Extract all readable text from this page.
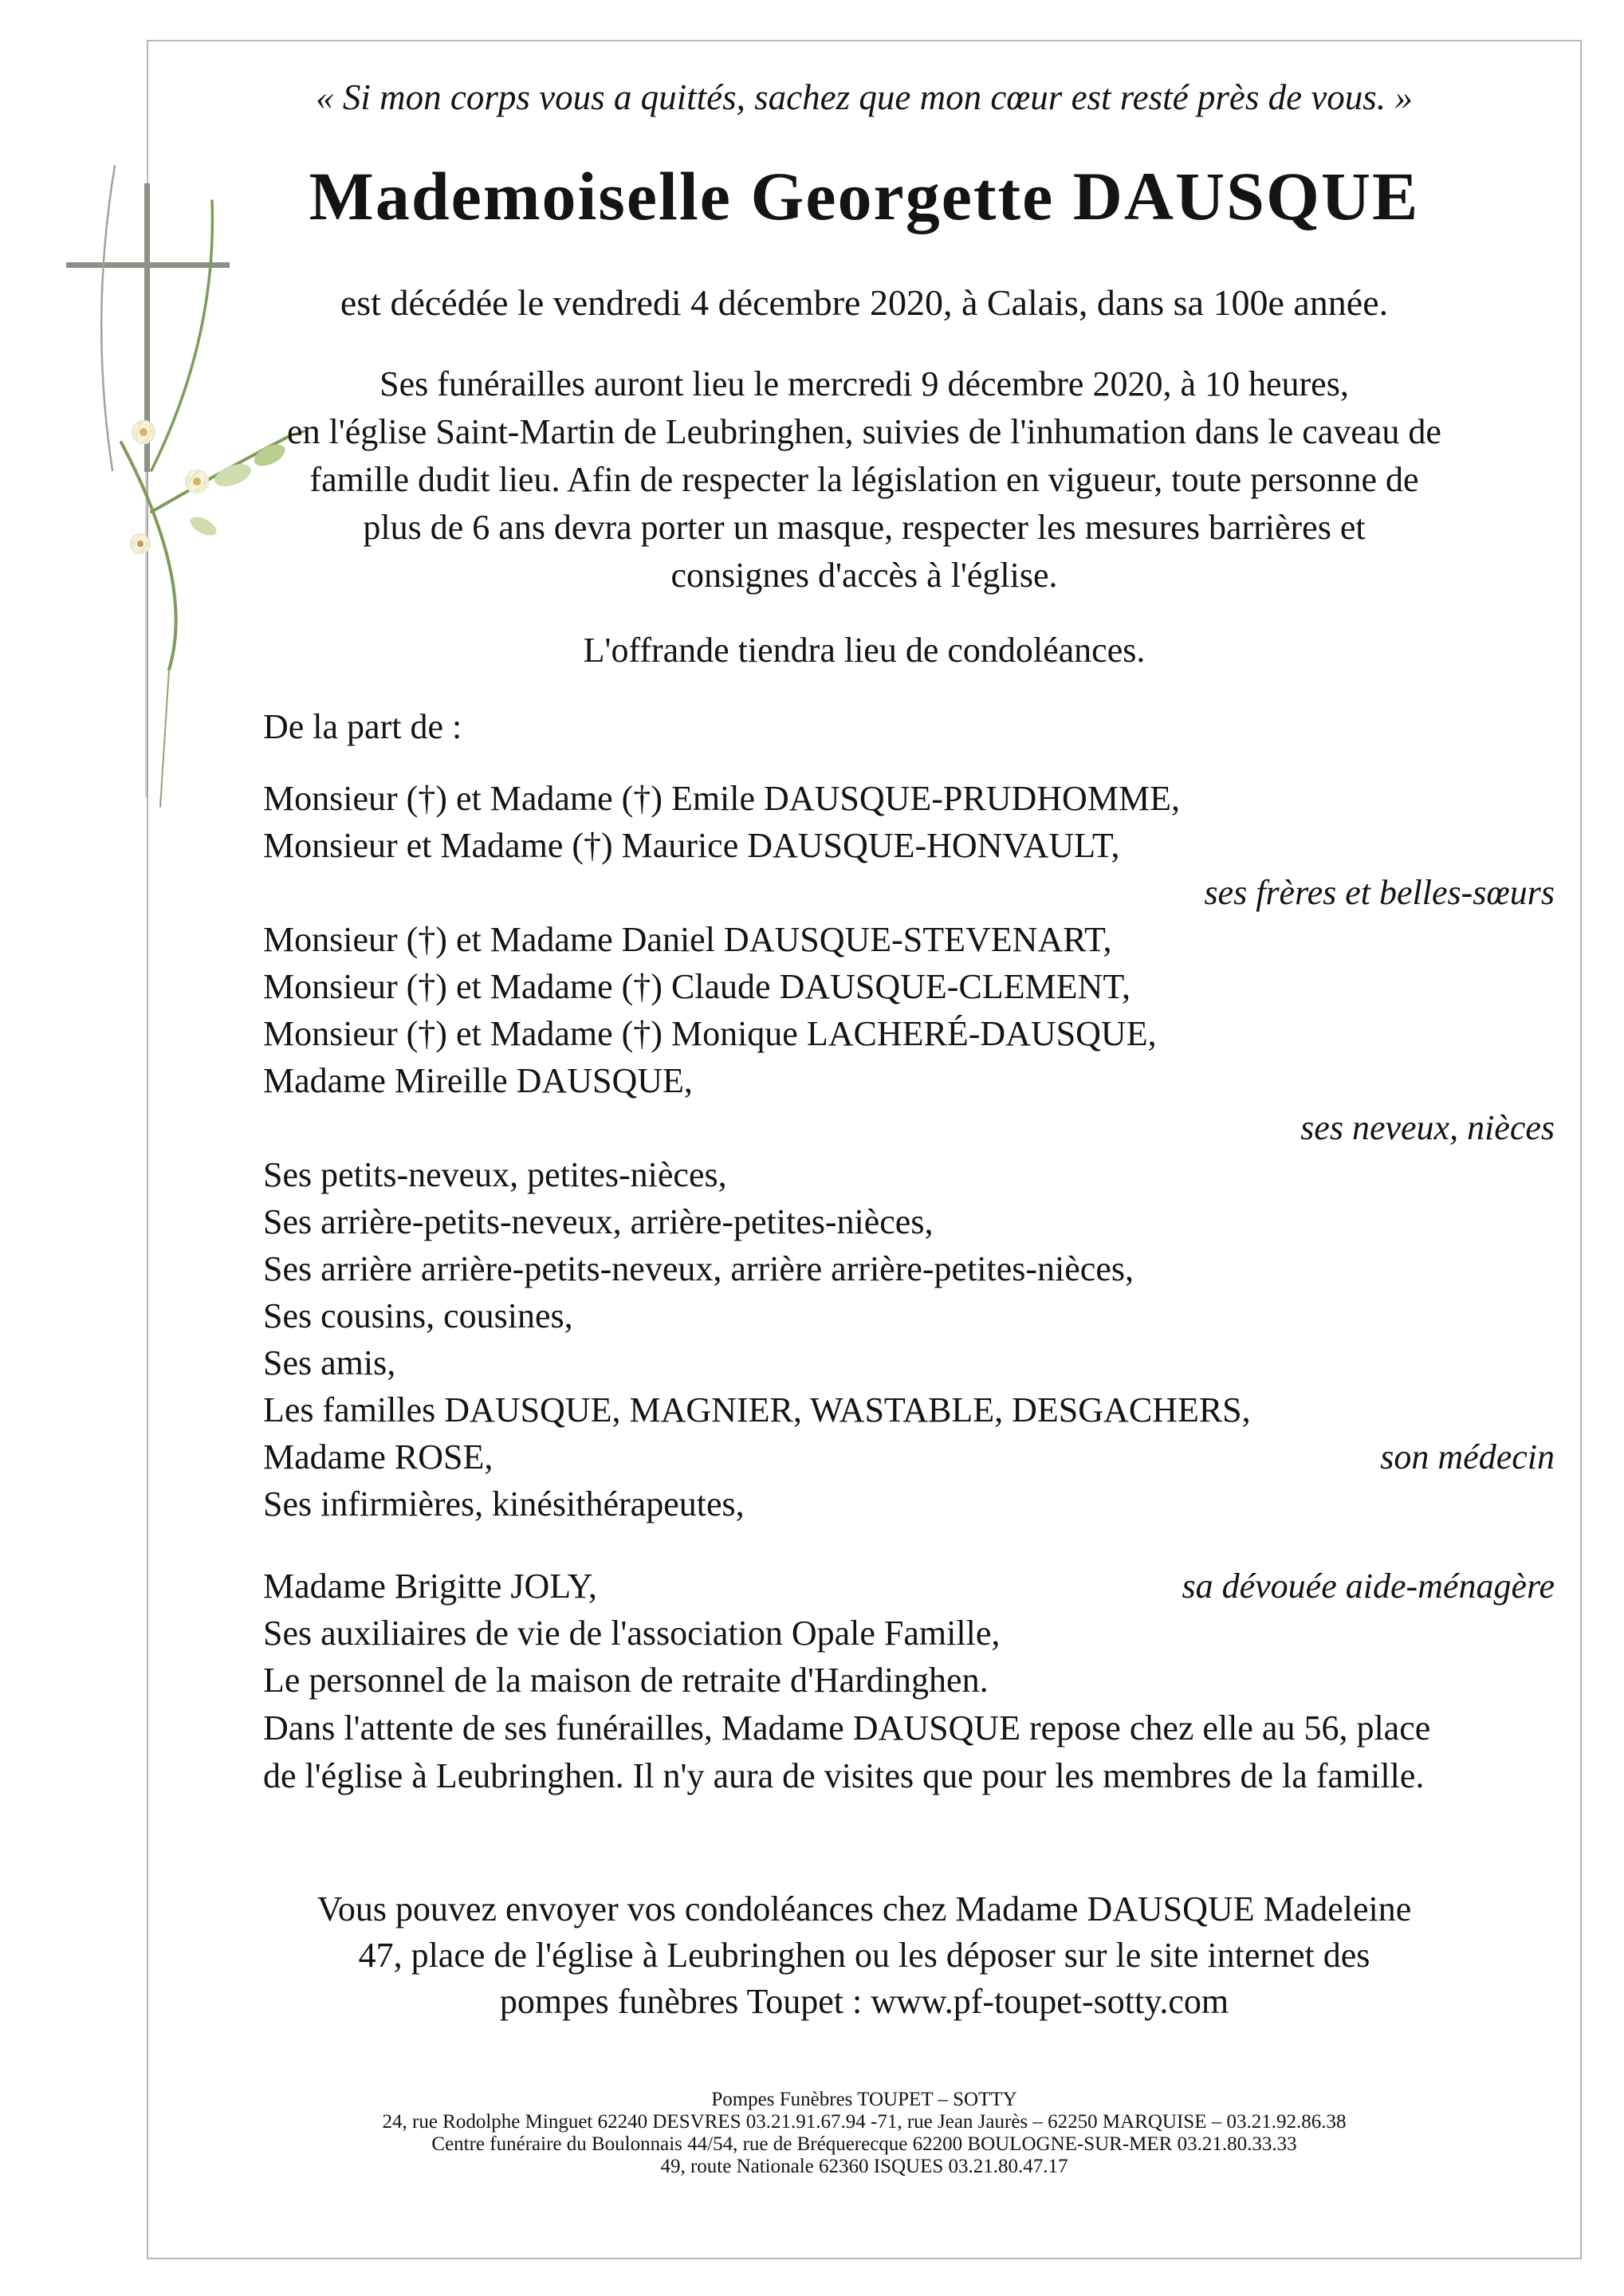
« Si mon corps vous a quittés, sachez que mon cœur est resté près de vous. »
Mademoiselle Georgette DAUSQUE
est décédée le vendredi 4 décembre 2020, à Calais, dans sa 100e année.
Ses funérailles auront lieu le mercredi 9 décembre 2020, à 10 heures,
en l'église Saint-Martin de Leubringhen, suivies de l'inhumation dans le caveau de
famille dudit lieu. Afin de respecter la législation en vigueur, toute personne de
plus de 6 ans devra porter un masque, respecter les mesures barrières et
consignes d'accès à l'église.
L'offrande tiendra lieu de condoléances.
De la part de :
Monsieur (†) et Madame (†) Emile DAUSQUE-PRUDHOMME,
Monsieur et Madame (†) Maurice DAUSQUE-HONVAULT,
ses frères et belles-sœurs
Monsieur (†) et Madame Daniel DAUSQUE-STEVENART,
Monsieur (†) et Madame (†) Claude DAUSQUE-CLEMENT,
Monsieur (†) et Madame (†) Monique LACHERÉ-DAUSQUE,
Madame Mireille DAUSQUE,
ses neveux, nièces
Ses petits-neveux, petites-nièces,
Ses arrière-petits-neveux, arrière-petites-nièces,
Ses arrière arrière-petits-neveux, arrière arrière-petites-nièces,
Ses cousins, cousines,
Ses amis,
Les familles DAUSQUE, MAGNIER, WASTABLE, DESGACHERS,
Madame ROSE,	son médecin
Ses infirmières, kinésithérapeutes,
Madame Brigitte JOLY,	sa dévouée aide-ménagère
Ses auxiliaires de vie de l'association Opale Famille,
Le personnel de la maison de retraite d'Hardinghen.
Dans l'attente de ses funérailles, Madame DAUSQUE repose chez elle au 56, place
de l'église à Leubringhen. Il n'y aura de visites que pour les membres de la famille.
Vous pouvez envoyer vos condoléances chez Madame DAUSQUE Madeleine
47, place de l'église à Leubringhen ou les déposer sur le site internet des
pompes funèbres Toupet : www.pf-toupet-sotty.com
Pompes Funèbres TOUPET – SOTTY
24, rue Rodolphe Minguet 62240 DESVRES 03.21.91.67.94 -71, rue Jean Jaurès – 62250 MARQUISE – 03.21.92.86.38
Centre funéraire du Boulonnais 44/54, rue de Bréquerecque 62200 BOULOGNE-SUR-MER 03.21.80.33.33
49, route Nationale 62360 ISQUES 03.21.80.47.17
